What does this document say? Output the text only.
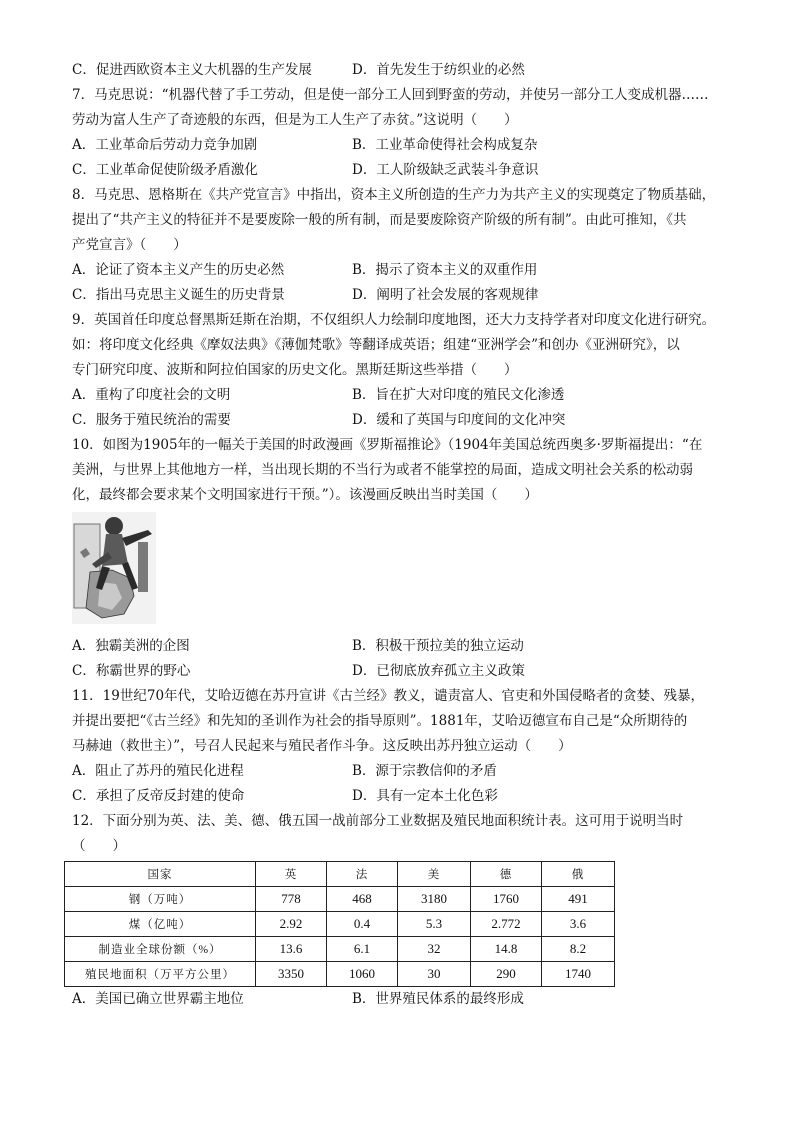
C．促进西欧资本主义大机器的生产发展	D．首先发生于纺织业的必然
7．马克思说：“机器代替了手工劳动，但是使一部分工人回到野蛮的劳动，并使另一部分工人变成机器……
劳动为富人生产了奇迹般的东西，但是为工人生产了赤贫。”这说明（　　）
A．工业革命后劳动力竞争加剧	B．工业革命使得社会构成复杂
C．工业革命促使阶级矛盾激化	D．工人阶级缺乏武装斗争意识
8．马克思、恩格斯在《共产党宣言》中指出，资本主义所创造的生产力为共产主义的实现奠定了物质基础，
提出了“共产主义的特征并不是要废除一般的所有制，而是要废除资产阶级的所有制”。由此可推知，《共
产党宣言》（　　）
A．论证了资本主义产生的历史必然	B．揭示了资本主义的双重作用
C．指出马克思主义诞生的历史背景	D．阐明了社会发展的客观规律
9．英国首任印度总督黑斯廷斯在治期，不仅组织人力绘制印度地图，还大力支持学者对印度文化进行研究。
如：将印度文化经典《摩奴法典》《薄伽梵歌》等翻译成英语；组建“亚洲学会”和创办《亚洲研究》，以
专门研究印度、波斯和阿拉伯国家的历史文化。黑斯廷斯这些举措（　　）
A．重构了印度社会的文明	B．旨在扩大对印度的殖民文化渗透
C．服务于殖民统治的需要	D．缓和了英国与印度间的文化冲突
10．如图为1905年的一幅关于美国的时政漫画《罗斯福推论》（1904年美国总统西奥多·罗斯福提出：“在
美洲，与世界上其他地方一样，当出现长期的不当行为或者不能掌控的局面，造成文明社会关系的松动弱
化，最终都会要求某个文明国家进行干预。”）。该漫画反映出当时美国（　　）
A．独霸美洲的企图	B．积极干预拉美的独立运动
C．称霸世界的野心	D．已彻底放弃孤立主义政策
11．19世纪70年代，艾哈迈德在苏丹宣讲《古兰经》教义，谴责富人、官吏和外国侵略者的贪婪、残暴，
并提出要把“《古兰经》和先知的圣训作为社会的指导原则”。1881年，艾哈迈德宣布自己是“众所期待的
马赫迪（救世主）”，号召人民起来与殖民者作斗争。这反映出苏丹独立运动（　　）
A．阻止了苏丹的殖民化进程	B．源于宗教信仰的矛盾
C．承担了反帝反封建的使命	D．具有一定本土化色彩
12．下面分别为英、法、美、德、俄五国一战前部分工业数据及殖民地面积统计表。这可用于说明当时
（　　）
国家	英	法	美	德	俄
钢（万吨）	778	468	3180	1760	491
煤（亿吨）	2.92	0.4	5.3	2.772	3.6
制造业全球份额（%）	13.6	6.1	32	14.8	8.2
殖民地面积（万平方公里）	3350	1060	30	290	1740
A．美国已确立世界霸主地位	B．世界殖民体系的最终形成
